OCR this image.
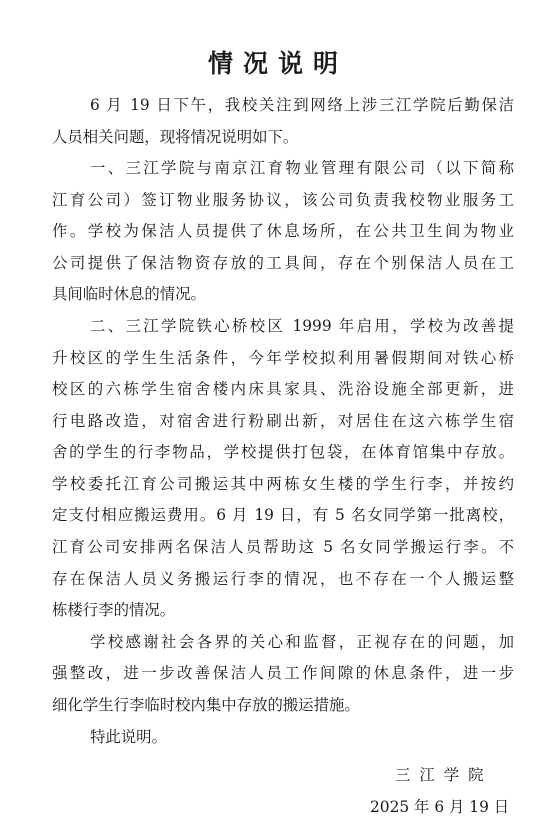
情况说明
6 月 19 日下午，我校关注到网络上涉三江学院后勤保洁
人员相关问题，现将情况说明如下。
一、三江学院与南京江育物业管理有限公司（以下简称
江育公司）签订物业服务协议，该公司负责我校物业服务工
作。学校为保洁人员提供了休息场所，在公共卫生间为物业
公司提供了保洁物资存放的工具间，存在个别保洁人员在工
具间临时休息的情况。
二、三江学院铁心桥校区 1999 年启用，学校为改善提
升校区的学生生活条件，今年学校拟利用暑假期间对铁心桥
校区的六栋学生宿舍楼内床具家具、洗浴设施全部更新，进
行电路改造，对宿舍进行粉刷出新，对居住在这六栋学生宿
舍的学生的行李物品，学校提供打包袋，在体育馆集中存放。
学校委托江育公司搬运其中两栋女生楼的学生行李，并按约
定支付相应搬运费用。6 月 19 日，有 5 名女同学第一批离校，
江育公司安排两名保洁人员帮助这 5 名女同学搬运行李。不
存在保洁人员义务搬运行李的情况，也不存在一个人搬运整
栋楼行李的情况。
学校感谢社会各界的关心和监督，正视存在的问题，加
强整改，进一步改善保洁人员工作间隙的休息条件，进一步
细化学生行李临时校内集中存放的搬运措施。
特此说明。
三江学院
2025 年 6 月 19 日
